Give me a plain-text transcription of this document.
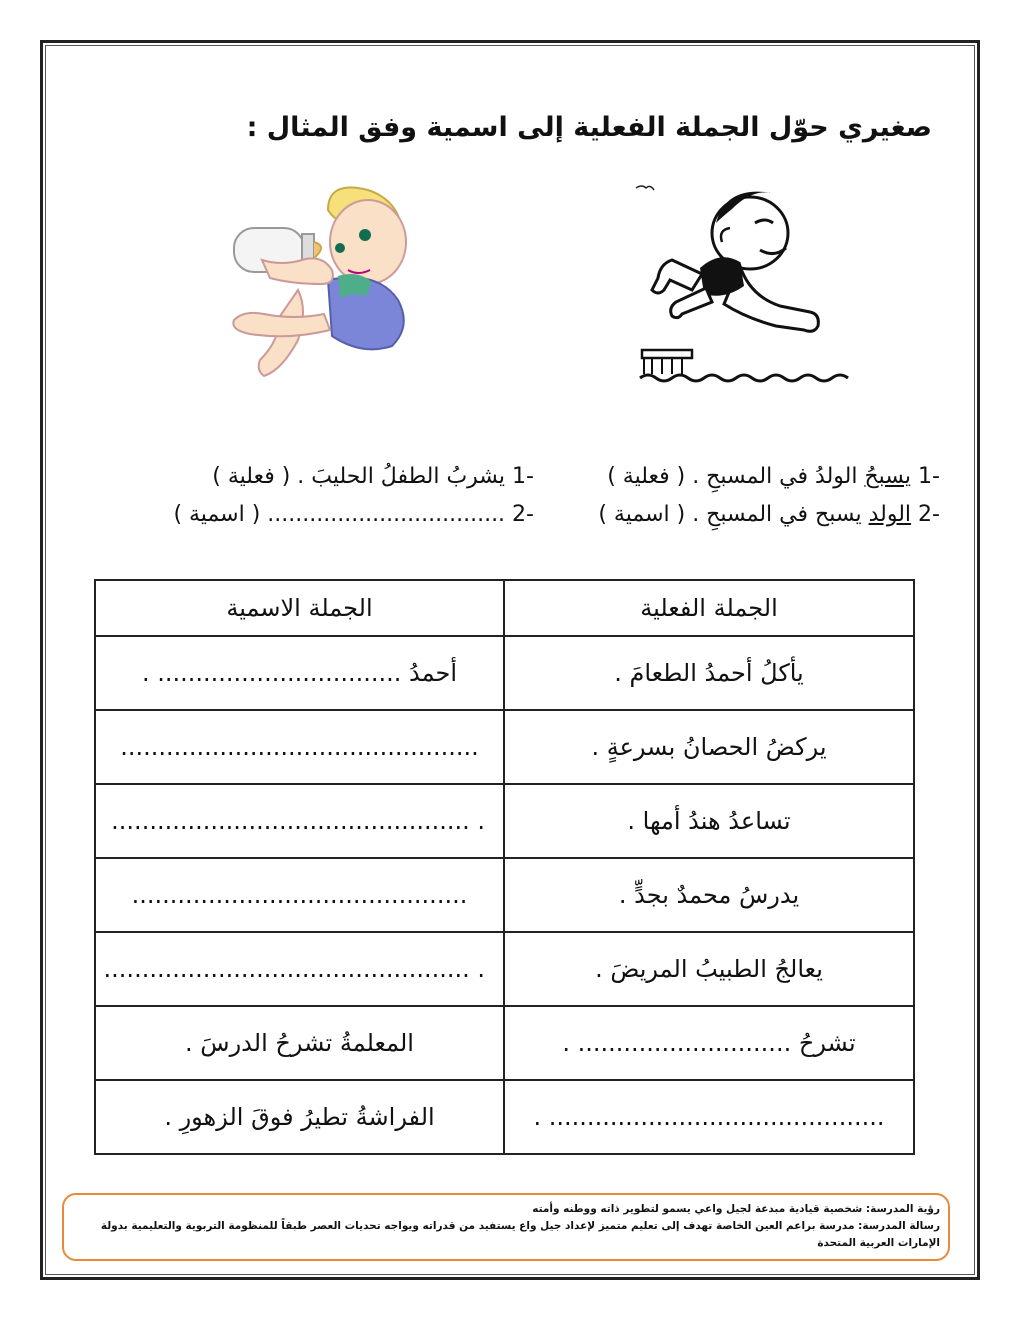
صغيري حوّل الجملة الفعلية إلى اسمية وفق المثال :
-1 يسبحُ الولدُ في المسبحِ . ( فعلية )
-2 الولد يسبح في المسبحِ . ( اسمية )
-1 يشربُ الطفلُ الحليبَ . ( فعلية )
-2 .................................. ( اسمية )
الجملة الاسمية	الجملة الفعلية
أحمدُ ................................ .	يأكلُ أحمدُ الطعامَ .
...............................................	يركضُ الحصانُ بسرعةٍ .
. ...............................................	تساعدُ هندُ أمها .
............................................	يدرسُ محمدٌ بجدٍّ .
. ................................................	يعالجُ الطبيبُ المريضَ .
المعلمةُ تشرحُ الدرسَ .	تشرحُ ............................ .
الفراشةُ تطيرُ فوقَ الزهورِ .	............................................ .
رؤية المدرسة: شخصية قيادية مبدعة لجيل واعي يسمو لتطوير ذاته ووطنه وأمته
رسالة المدرسة: مدرسة براعم العين الخاصة تهدف إلى تعليم متميز لإعداد جيل واع يستفيد من قدراته ويواجه تحديات العصر طبقاً للمنظومة التربوية والتعليمية بدولة الإمارات العربية المتحدة
